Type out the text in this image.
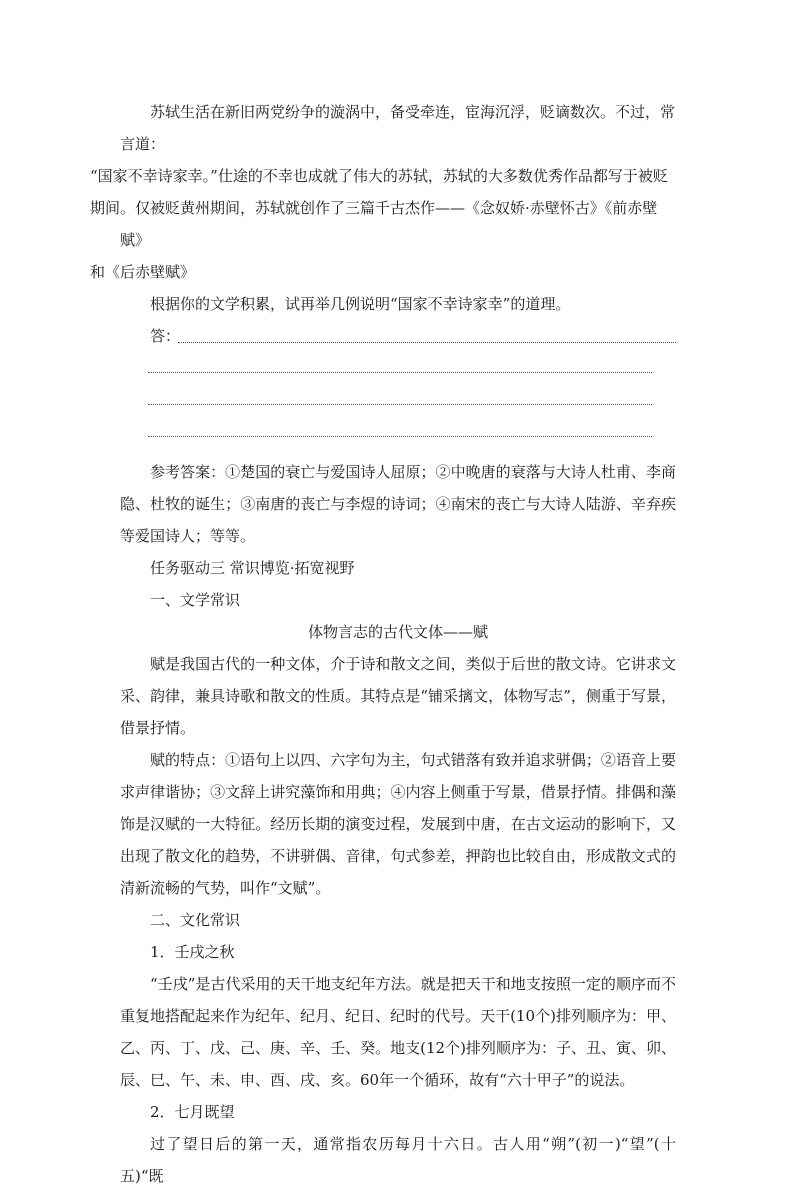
苏轼生活在新旧两党纷争的漩涡中，备受牵连，宦海沉浮，贬谪数次。不过，常言道：
“国家不幸诗家幸。”仕途的不幸也成就了伟大的苏轼，苏轼的大多数优秀作品都写于被贬
期间。仅被贬黄州期间，苏轼就创作了三篇千古杰作——《念奴娇·赤壁怀古》《前赤壁赋》
和《后赤壁赋》

根据你的文学积累，试再举几例说明“国家不幸诗家幸”的道理。

答：

参考答案：①楚国的衰亡与爱国诗人屈原；②中晚唐的衰落与大诗人杜甫、李商隐、杜牧的诞生；③南唐的丧亡与李煜的诗词；④南宋的丧亡与大诗人陆游、辛弃疾等爱国诗人；等等。

任务驱动三 常识博览·拓宽视野

一、文学常识

体物言志的古代文体——赋

赋是我国古代的一种文体，介于诗和散文之间，类似于后世的散文诗。它讲求文采、韵律，兼具诗歌和散文的性质。其特点是“铺采摛文，体物写志”，侧重于写景，借景抒情。

赋的特点：①语句上以四、六字句为主，句式错落有致并追求骈偶；②语音上要求声律谐协；③文辞上讲究藻饰和用典；④内容上侧重于写景，借景抒情。排偶和藻饰是汉赋的一大特征。经历长期的演变过程，发展到中唐，在古文运动的影响下，又出现了散文化的趋势，不讲骈偶、音律，句式参差，押韵也比较自由，形成散文式的清新流畅的气势，叫作“文赋”。

二、文化常识

1．壬戌之秋

“壬戌”是古代采用的天干地支纪年方法。就是把天干和地支按照一定的顺序而不重复地搭配起来作为纪年、纪月、纪日、纪时的代号。天干(10个)排列顺序为：甲、乙、丙、丁、戊、己、庚、辛、壬、癸。地支(12个)排列顺序为：子、丑、寅、卯、辰、巳、午、未、申、酉、戌、亥。60年一个循环，故有“六十甲子”的说法。

2．七月既望

过了望日后的第一天，通常指农历每月十六日。古人用“朔”(初一)“望”(十五)“既
